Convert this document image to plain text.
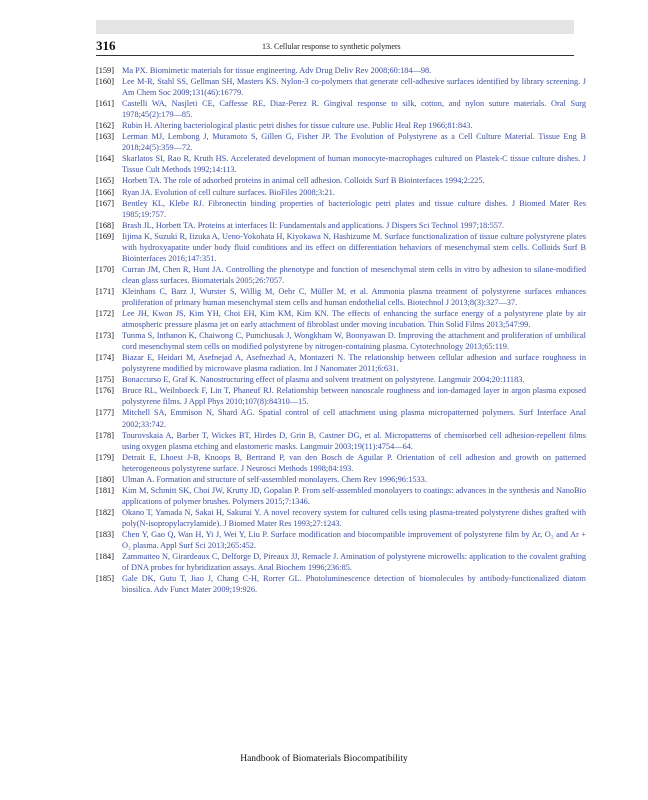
316	13. Cellular response to synthetic polymers
[159] Ma PX. Biomimetic materials for tissue engineering. Adv Drug Deliv Rev 2008;60:184—98.
[160] Lee M-R, Stahl SS, Gellman SH, Masters KS. Nylon-3 co-polymers that generate cell-adhesive surfaces identified by library screening. J Am Chem Soc 2009;131(46):16779.
[161] Castelli WA, Nasjleti CE, Caffesse RE, Diaz-Perez R. Gingival response to silk, cotton, and nylon suture materials. Oral Surg 1978;45(2):179—85.
[162] Rubin H. Altering bacteriological plastic petri dishes for tissue culture use. Public Heal Rep 1966;81:843.
[163] Lerman MJ, Lembong J, Muramoto S, Gillen G, Fisher JP. The Evolution of Polystyrene as a Cell Culture Material. Tissue Eng B 2018;24(5):359—72.
[164] Skarlatos SI, Rao R, Kruth HS. Accelerated development of human monocyte-macrophages cultured on Plastek-C tissue culture dishes. J Tissue Cult Methods 1992;14:113.
[165] Horbett TA. The role of adsorbed proteins in animal cell adhesion. Colloids Surf B Biointerfaces 1994;2:225.
[166] Ryan JA. Evolution of cell culture surfaces. BioFiles 2008;3:21.
[167] Bentley KL, Klebe RJ. Fibronectin binding properties of bacteriologic petri plates and tissue culture dishes. J Biomed Mater Res 1985;19:757.
[168] Brash JL, Horbett TA. Proteins at interfaces II: Fundamentals and applications. J Dispers Sci Technol 1997;18:557.
[169] Iijima K, Suzuki R, Iizuka A, Ueno-Yokohata H, Kiyokawa N, Hashizume M. Surface functionalization of tissue culture polystyrene plates with hydroxyapatite under body fluid conditions and its effect on differentiation behaviors of mesenchymal stem cells. Colloids Surf B Biointerfaces 2016;147:351.
[170] Curran JM, Chen R, Hunt JA. Controlling the phenotype and function of mesenchymal stem cells in vitro by adhesion to silane-modified clean glass surfaces. Biomaterials 2005;26:7057.
[171] Kleinhans C, Barz J, Wurster S, Willig M, Oehr C, Müller M, et al. Ammonia plasma treatment of polystyrene surfaces enhances proliferation of primary human mesenchymal stem cells and human endothelial cells. Biotechnol J 2013;8(3):327—37.
[172] Lee JH, Kwon JS, Kim YH, Choi EH, Kim KM, Kim KN. The effects of enhancing the surface energy of a polystyrene plate by air atmospheric pressure plasma jet on early attachment of fibroblast under moving incubation. Thin Solid Films 2013;547:99.
[173] Tunma S, Inthanon K, Chaiwong C, Pumchusak J, Wongkham W, Boonyawan D. Improving the attachment and proliferation of umbilical cord mesenchymal stem cells on modified polystyrene by nitrogen-containing plasma. Cytotechnology 2013;65:119.
[174] Biazar E, Heidari M, Asefnejad A, Asefnezhad A, Montazeri N. The relationship between cellular adhesion and surface roughness in polystyrene modified by microwave plasma radiation. Int J Nanomater 2011;6:631.
[175] Bonaccurso E, Graf K. Nanostructuring effect of plasma and solvent treatment on polystyrene. Langmuir 2004;20:11183.
[176] Bruce RL, Weilnboeck F, Lin T, Phaneuf RJ. Relationship between nanoscale roughness and ion-damaged layer in argon plasma exposed polystyrene films. J Appl Phys 2010;107(8):84310—15.
[177] Mitchell SA, Emmison N, Shard AG. Spatial control of cell attachment using plasma micropatterned polymers. Surf Interface Anal 2002;33:742.
[178] Tourovskaia A, Barber T, Wickes BT, Hirdes D, Grin B, Castner DG, et al. Micropatterns of chemisorbed cell adhesion-repellent films using oxygen plasma etching and elastomeric masks. Langmuir 2003;19(11):4754—64.
[179] Detrait E, Lhoest J-B, Knoops B, Bertrand P, van den Bosch de Aguilar P. Orientation of cell adhesion and growth on patterned heterogeneous polystyrene surface. J Neurosci Methods 1998;84:193.
[180] Ulman A. Formation and structure of self-assembled monolayers. Chem Rev 1996;96:1533.
[181] Kim M, Schmitt SK, Choi JW, Krutty JD, Gopalan P. From self-assembled monolayers to coatings: advances in the synthesis and NanoBio applications of polymer brushes. Polymers 2015;7:1346.
[182] Okano T, Yamada N, Sakai H, Sakurai Y. A novel recovery system for cultured cells using plasma-treated polystyrene dishes grafted with poly(N-isopropylacrylamide). J Biomed Mater Res 1993;27:1243.
[183] Chen Y, Gao Q, Wan H, Yi J, Wei Y, Liu P. Surface modification and biocompatible improvement of polystyrene film by Ar, O₂ and Ar + O₂ plasma. Appl Surf Sci 2013;265:452.
[184] Zammatteo N, Girardeaux C, Delforge D, Pireaux JJ, Remacle J. Amination of polystyrene microwells: application to the covalent grafting of DNA probes for hybridization assays. Anal Biochem 1996;236:85.
[185] Gale DK, Gutu T, Jiao J, Chang C-H, Rorrer GL. Photoluminescence detection of biomolecules by antibody-functionalized diatom biosilica. Adv Funct Mater 2009;19:926.
Handbook of Biomaterials Biocompatibility
